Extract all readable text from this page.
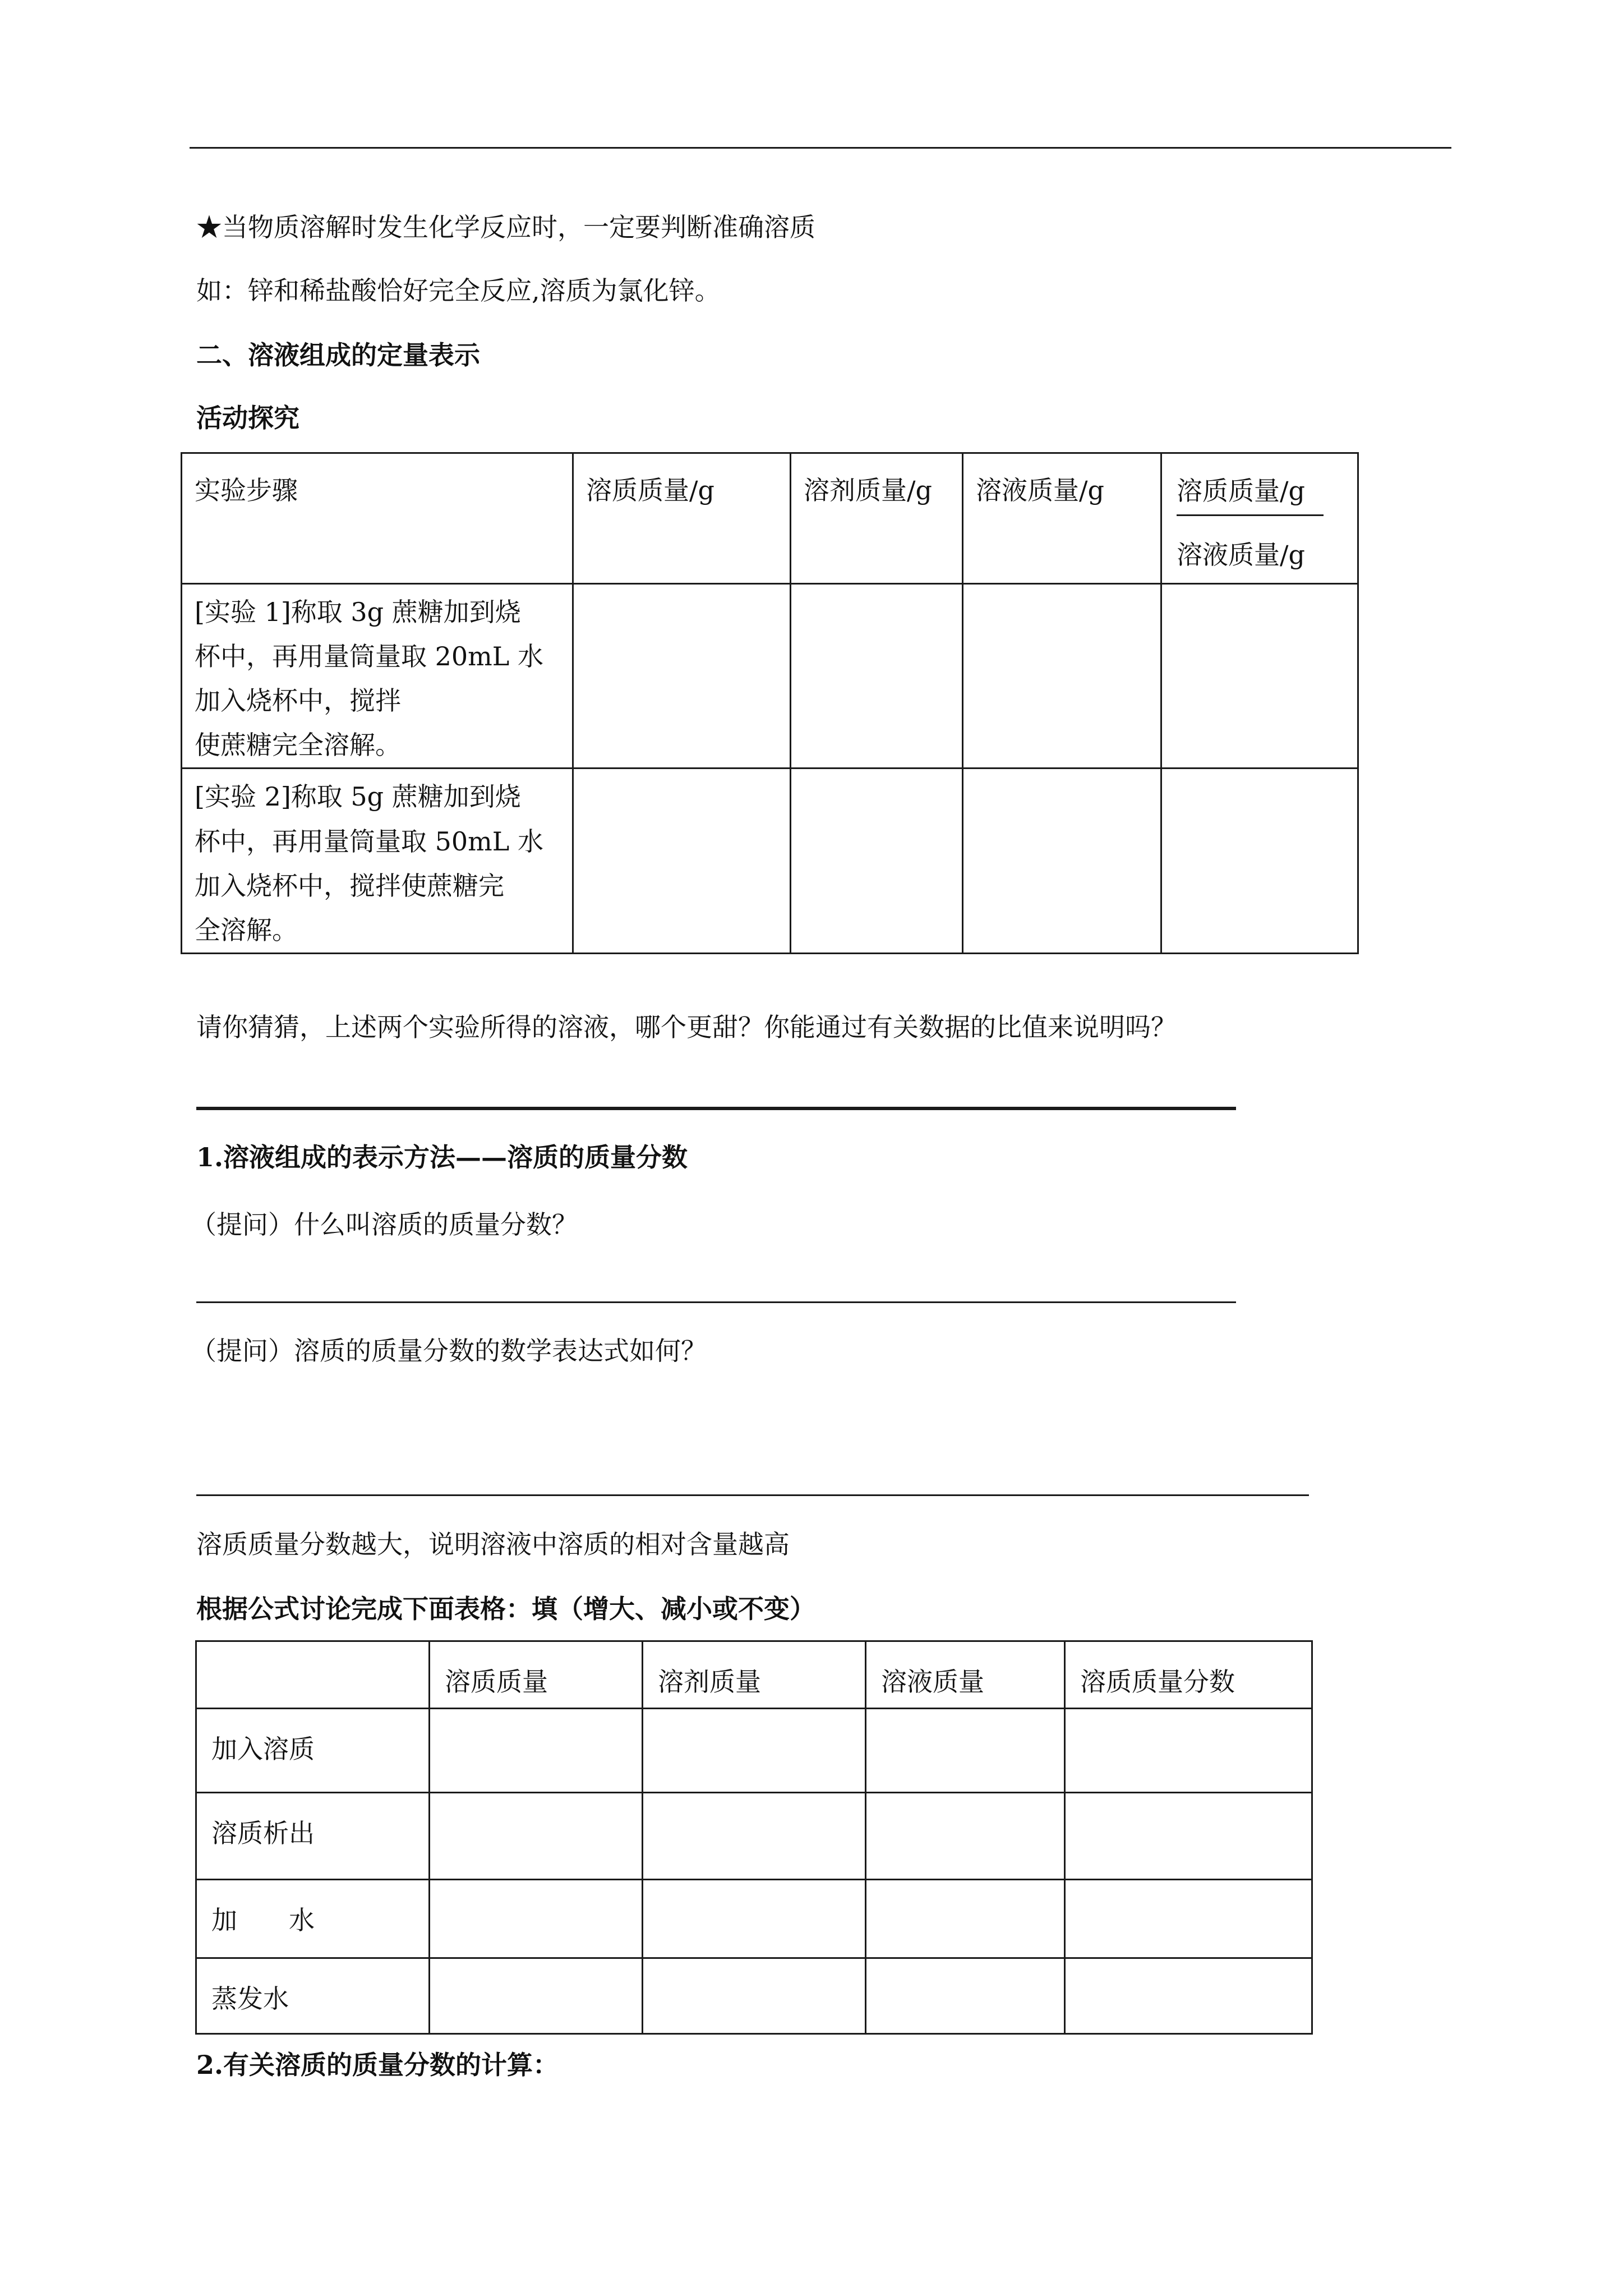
★当物质溶解时发生化学反应时，一定要判断准确溶质
如：锌和稀盐酸恰好完全反应,溶质为氯化锌。
二、溶液组成的定量表示
活动探究
实验步骤	溶质质量/g	溶剂质量/g	溶液质量/g	溶质质量/g
溶液质量/g

[实验 1]称取 3g 蔗糖加到烧
杯中，再用量筒量取 20mL 水
加入烧杯中，搅拌
使蔗糖完全溶解。				

[实验 2]称取 5g 蔗糖加到烧
杯中，再用量筒量取 50mL 水
加入烧杯中，搅拌使蔗糖完
全溶解。				

请你猜猜，上述两个实验所得的溶液，哪个更甜？你能通过有关数据的比值来说明吗？
1.溶液组成的表示方法——溶质的质量分数
（提问）什么叫溶质的质量分数？
（提问）溶质的质量分数的数学表达式如何？
溶质质量分数越大，说明溶液中溶质的相对含量越高
根据公式讨论完成下面表格：填（增大、减小或不变）

	溶质质量	溶剂质量	溶液质量	溶质质量分数

加入溶质				

溶质析出				

加　　水				

蒸发水				

2.有关溶质的质量分数的计算：
